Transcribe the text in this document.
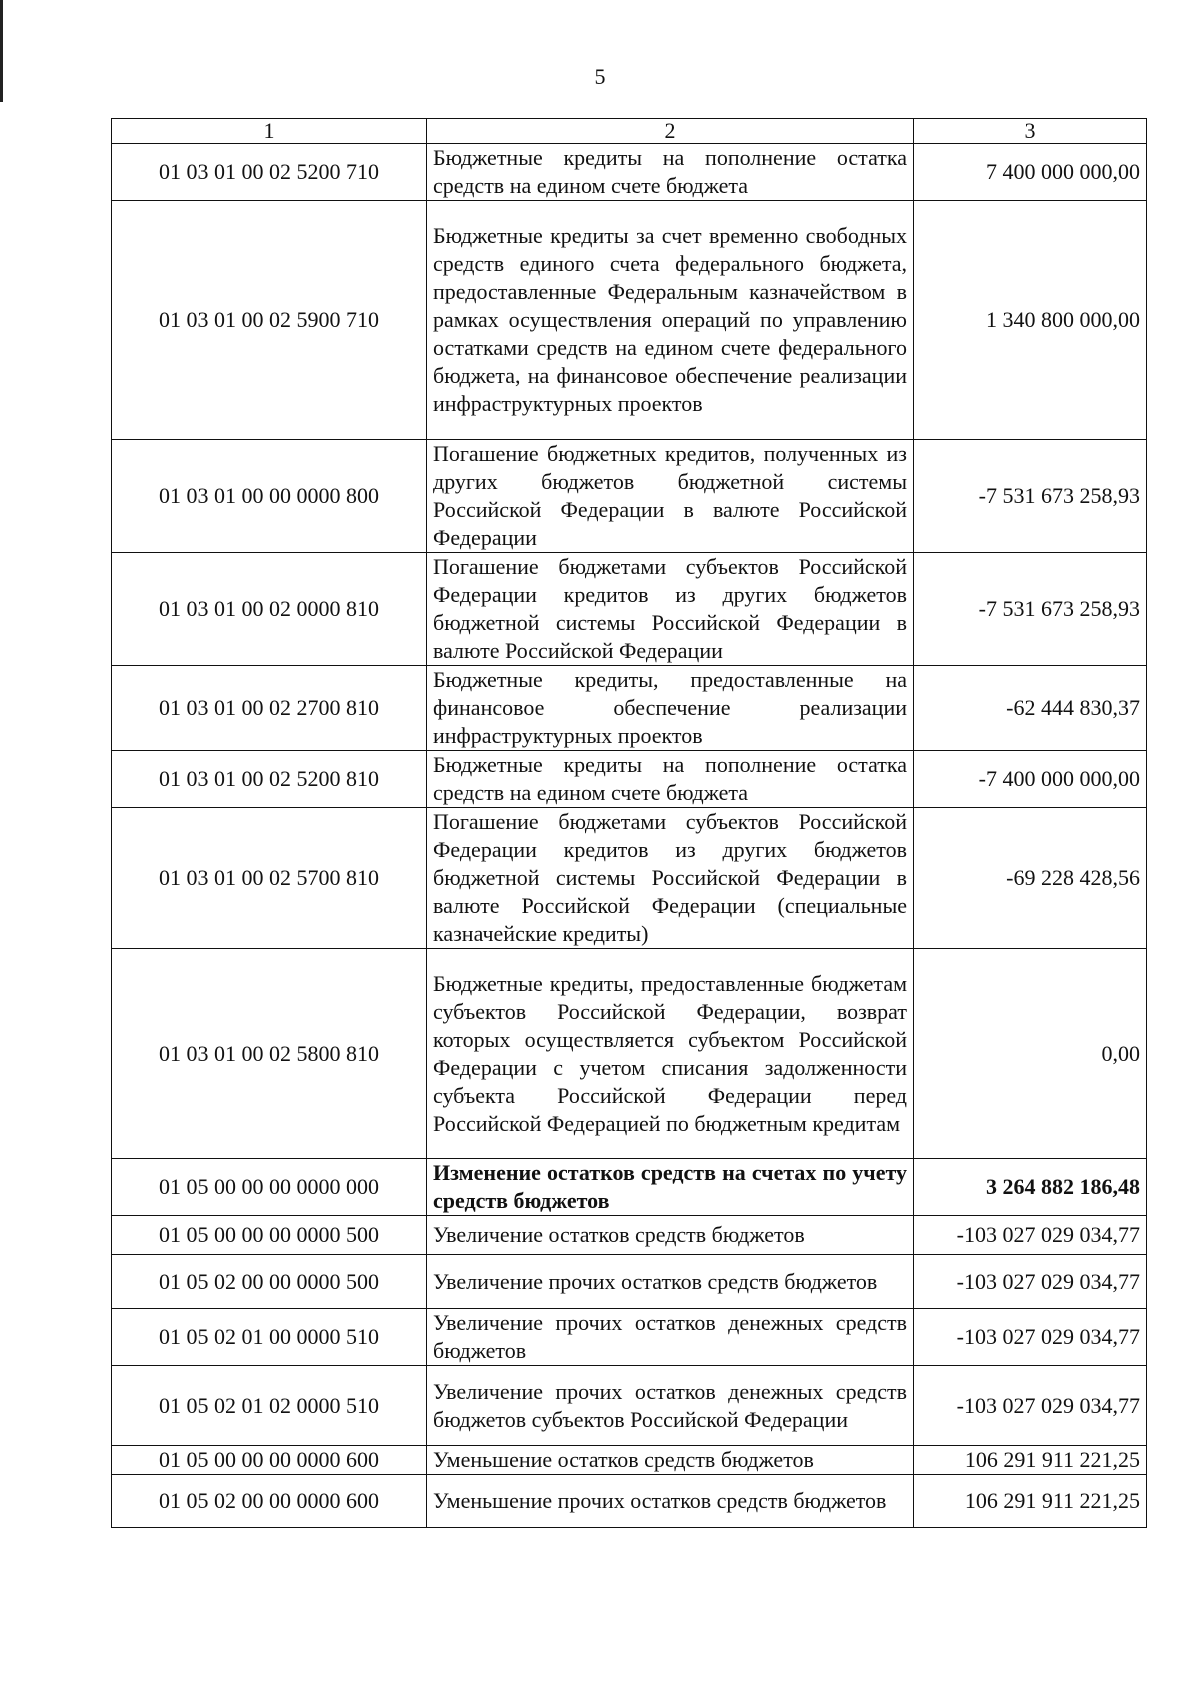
5
1	2	3
01 03 01 00 02 5200 710	Бюджетные кредиты на пополнение остатка средств на едином счете бюджета	7 400 000 000,00
01 03 01 00 02 5900 710	Бюджетные кредиты за счет временно свободных средств единого счета федерального бюджета, предоставленные Федеральным казначейством в рамках осуществления операций по управлению остатками средств на едином счете федерального бюджета, на финансовое обеспечение реализации инфраструктурных проектов	1 340 800 000,00
01 03 01 00 00 0000 800	Погашение бюджетных кредитов, полученных из других бюджетов бюджетной системы Российской Федерации в валюте Российской Федерации	-7 531 673 258,93
01 03 01 00 02 0000 810	Погашение бюджетами субъектов Российской Федерации кредитов из других бюджетов бюджетной системы Российской Федерации в валюте Российской Федерации	-7 531 673 258,93
01 03 01 00 02 2700 810	Бюджетные кредиты, предоставленные на финансовое обеспечение реализации инфраструктурных проектов	-62 444 830,37
01 03 01 00 02 5200 810	Бюджетные кредиты на пополнение остатка средств на едином счете бюджета	-7 400 000 000,00
01 03 01 00 02 5700 810	Погашение бюджетами субъектов Российской Федерации кредитов из других бюджетов бюджетной системы Российской Федерации в валюте Российской Федерации (специальные казначейские кредиты)	-69 228 428,56
01 03 01 00 02 5800 810	Бюджетные кредиты, предоставленные бюджетам субъектов Российской Федерации, возврат которых осуществляется субъектом Российской Федерации с учетом списания задолженности субъекта Российской Федерации перед Российской Федерацией по бюджетным кредитам	0,00
01 05 00 00 00 0000 000	Изменение остатков средств на счетах по учету средств бюджетов	3 264 882 186,48
01 05 00 00 00 0000 500	Увеличение остатков средств бюджетов	-103 027 029 034,77
01 05 02 00 00 0000 500	Увеличение прочих остатков средств бюджетов	-103 027 029 034,77
01 05 02 01 00 0000 510	Увеличение прочих остатков денежных средств бюджетов	-103 027 029 034,77
01 05 02 01 02 0000 510	Увеличение прочих остатков денежных средств бюджетов субъектов Российской Федерации	-103 027 029 034,77
01 05 00 00 00 0000 600	Уменьшение остатков средств бюджетов	106 291 911 221,25
01 05 02 00 00 0000 600	Уменьшение прочих остатков средств бюджетов	106 291 911 221,25
